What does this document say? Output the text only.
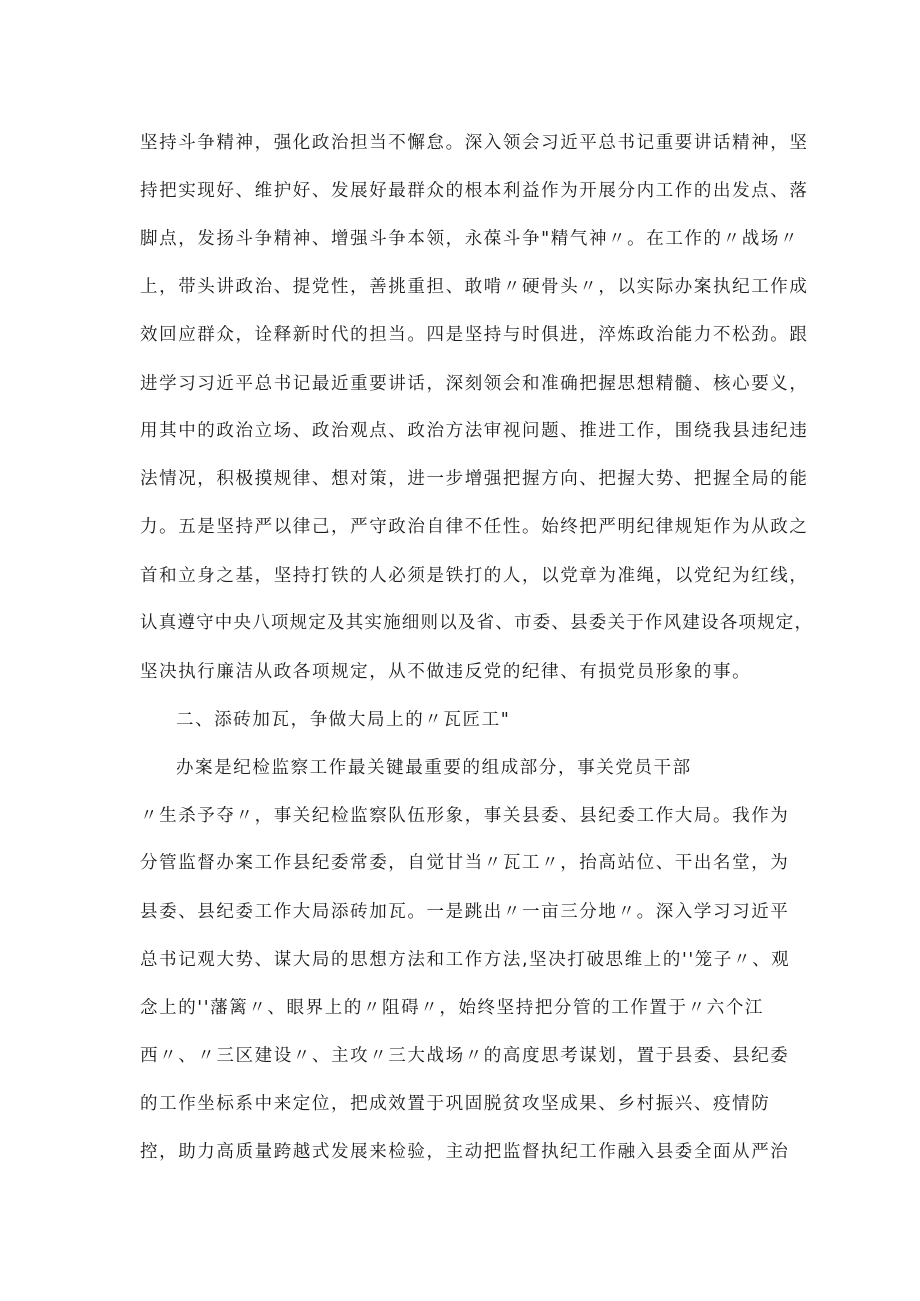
坚持斗争精神，强化政治担当不懈怠。深入领会习近平总书记重要讲话精神，坚
持把实现好、维护好、发展好最群众的根本利益作为开展分内工作的出发点、落
脚点，发扬斗争精神、增强斗争本领，永葆斗争"精气神〃。在工作的〃战场〃
上，带头讲政治、提党性，善挑重担、敢啃〃硬骨头〃，以实际办案执纪工作成
效回应群众，诠释新时代的担当。四是坚持与时俱进，淬炼政治能力不松劲。跟
进学习习近平总书记最近重要讲话，深刻领会和准确把握思想精髓、核心要义，
用其中的政治立场、政治观点、政治方法审视问题、推进工作，围绕我县违纪违
法情况，积极摸规律、想对策，进一步增强把握方向、把握大势、把握全局的能
力。五是坚持严以律己，严守政治自律不任性。始终把严明纪律规矩作为从政之
首和立身之基，坚持打铁的人必须是铁打的人，以党章为准绳，以党纪为红线，
认真遵守中央八项规定及其实施细则以及省、市委、县委关于作风建设各项规定，
坚决执行廉洁从政各项规定，从不做违反党的纪律、有损党员形象的事。
二、添砖加瓦，争做大局上的〃瓦匠工"
办案是纪检监察工作最关键最重要的组成部分，事关党员干部
〃生杀予夺〃，事关纪检监察队伍形象，事关县委、县纪委工作大局。我作为
分管监督办案工作县纪委常委，自觉甘当〃瓦工〃，抬高站位、干出名堂，为
县委、县纪委工作大局添砖加瓦。一是跳出〃一亩三分地〃。深入学习习近平
总书记观大势、谋大局的思想方法和工作方法,坚决打破思维上的''笼子〃、观
念上的''藩篱〃、眼界上的〃阻碍〃，始终坚持把分管的工作置于〃六个江
西〃、〃三区建设〃、主攻〃三大战场〃的高度思考谋划，置于县委、县纪委
的工作坐标系中来定位，把成效置于巩固脱贫攻坚成果、乡村振兴、疫情防
控，助力高质量跨越式发展来检验，主动把监督执纪工作融入县委全面从严治
